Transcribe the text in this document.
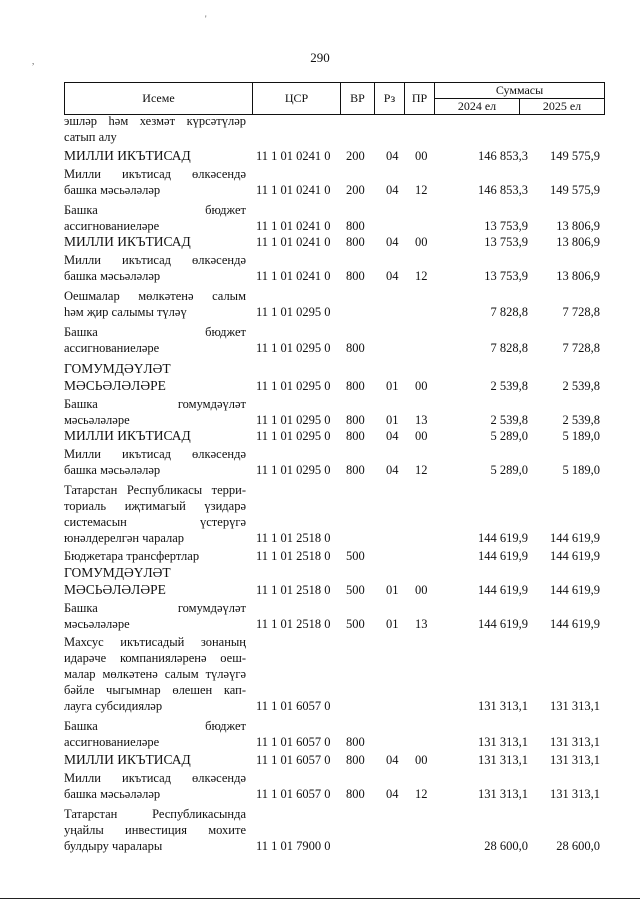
'
,	290
Исеме	ЦСР	ВР	Рз	ПР	Суммасы	
					2024 ел	2025 ел
эшләр һәм хезмәт күрсәтүләр
сатып алу
МИЛЛИ ИКЪТИСАД	11 1 01 0241 0 200 04 00	146 853,3 149 575,9
Милли икътисад өлкәсендә
башка мәсьәләләр	11 1 01 0241 0 200 04 12	146 853,3 149 575,9
Башка бюджет
ассигнованиеләре	11 1 01 0241 0 800	13 753,9 13 806,9
МИЛЛИ ИКЪТИСАД	11 1 01 0241 0 800 04 00	13 753,9 13 806,9
Милли икътисад өлкәсендә
башка мәсьәләләр	11 1 01 0241 0 800 04 12	13 753,9 13 806,9
Оешмалар мөлкәтенә салым
һәм җир салымы түләү	11 1 01 0295 0	7 828,8	7 728,8
Башка бюджет
ассигнованиеләре	11 1 01 0295 0 800	7 828,8	7 728,8
ГОМУМДӘҮЛӘТ
МӘСЬӘЛӘЛӘРЕ	11 1 01 0295 0 800 01 00	2 539,8	2 539,8
Башка гомумдәүләт
мәсьәләләре	11 1 01 0295 0 800 01 13	2 539,8	2 539,8
МИЛЛИ ИКЪТИСАД	11 1 01 0295 0 800 04 00	5 289,0	5 189,0
Милли икътисад өлкәсендә
башка мәсьәләләр	11 1 01 0295 0 800 04 12	5 289,0	5 189,0
Татарстан Республикасы терри-
ториаль иҗтимагый үзидарә
системасын үстерүгә
юнәлдерелгән чаралар	11 1 01 2518 0	144 619,9 144 619,9
Бюджетара трансфертлар	11 1 01 2518 0 500	144 619,9 144 619,9
ГОМУМДӘҮЛӘТ
МӘСЬӘЛӘЛӘРЕ	11 1 01 2518 0 500 01 00	144 619,9 144 619,9
Башка гомумдәүләт
мәсьәләләре	11 1 01 2518 0 500 01 13	144 619,9 144 619,9
Махсус икътисадый зонаның
идарәче компанияләренә оеш-
малар мөлкәтенә салым түләүгә
бәйле чыгымнар өлешен кап-
лауга субсидияләр	11 1 01 6057 0	131 313,1 131 313,1
Башка бюджет
ассигнованиеләре	11 1 01 6057 0 800	131 313,1 131 313,1
МИЛЛИ ИКЪТИСАД	11 1 01 6057 0 800 04 00	131 313,1 131 313,1
Милли икътисад өлкәсендә
башка мәсьәләләр	11 1 01 6057 0 800 04 12	131 313,1 131 313,1
Татарстан Республикасында
уңайлы инвестиция мохите
булдыру чаралары	11 1 01 7900 0	28 600,0 28 600,0
